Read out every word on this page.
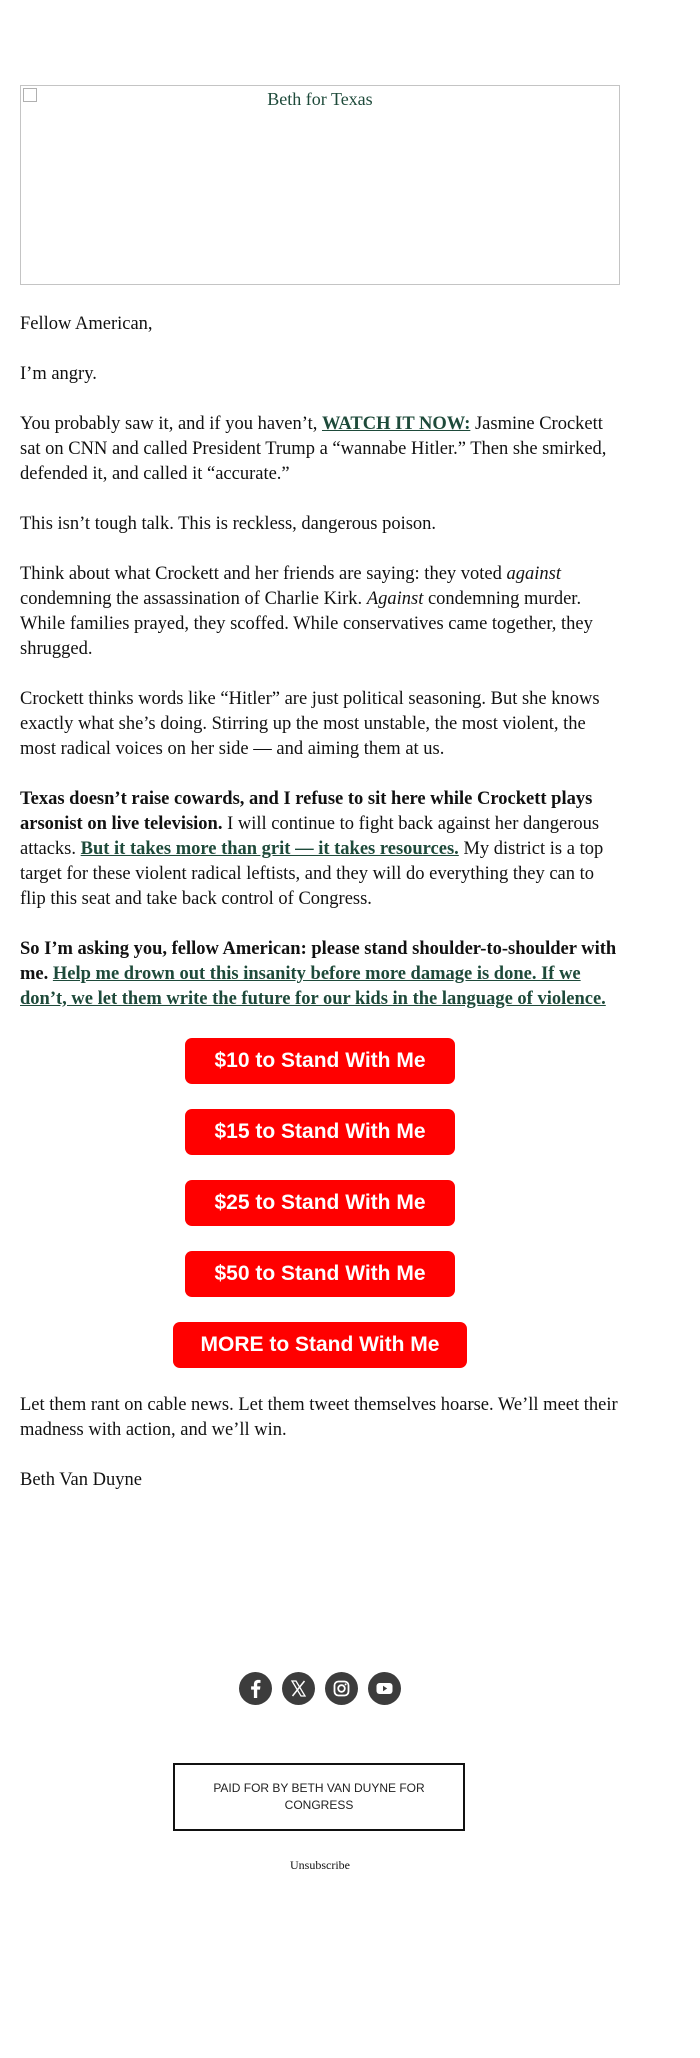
Beth for Texas

Fellow American,

I’m angry.

You probably saw it, and if you haven’t, WATCH IT NOW: Jasmine Crockett sat on CNN and called President Trump a “wannabe Hitler.” Then she smirked, defended it, and called it “accurate.”

This isn’t tough talk. This is reckless, dangerous poison.

Think about what Crockett and her friends are saying: they voted against condemning the assassination of Charlie Kirk. Against condemning murder. While families prayed, they scoffed. While conservatives came together, they shrugged.

Crockett thinks words like “Hitler” are just political seasoning. But she knows exactly what she’s doing. Stirring up the most unstable, the most violent, the most radical voices on her side — and aiming them at us.

Texas doesn’t raise cowards, and I refuse to sit here while Crockett plays arsonist on live television. I will continue to fight back against her dangerous attacks. But it takes more than grit — it takes resources. My district is a top target for these violent radical leftists, and they will do everything they can to flip this seat and take back control of Congress.

So I’m asking you, fellow American: please stand shoulder-to-shoulder with me. Help me drown out this insanity before more damage is done. If we don’t, we let them write the future for our kids in the language of violence.

$10 to Stand With Me
$15 to Stand With Me
$25 to Stand With Me
$50 to Stand With Me
MORE to Stand With Me

Let them rant on cable news. Let them tweet themselves hoarse. We’ll meet their madness with action, and we’ll win.

Beth Van Duyne

PAID FOR BY BETH VAN DUYNE FOR CONGRESS
Unsubscribe
